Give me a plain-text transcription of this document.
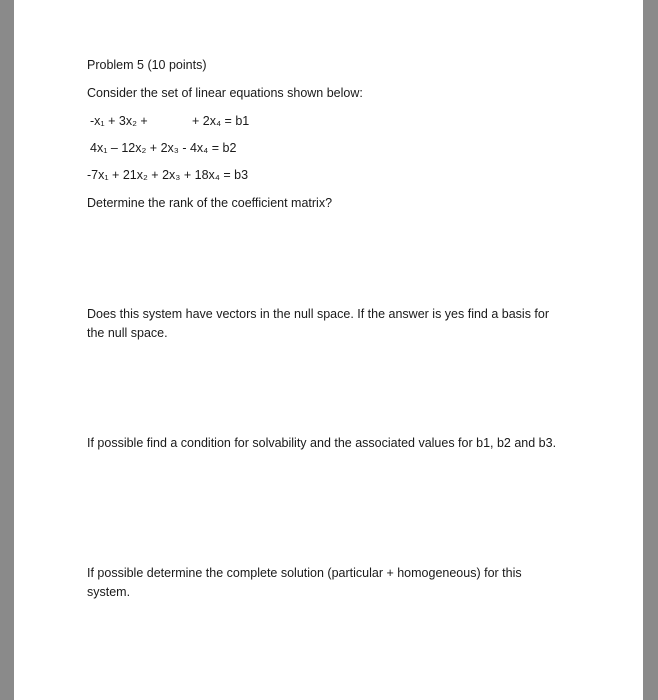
Problem 5 (10 points)
Consider the set of linear equations shown below:
-x₁ + 3x₂ +	+ 2x₄ = b1
4x₁ – 12x₂ + 2x₃ - 4x₄ = b2
-7x₁ + 21x₂ + 2x₃ + 18x₄ = b3
Determine the rank of the coefficient matrix?
Does this system have vectors in the null space. If the answer is yes find a basis for the null space.
If possible find a condition for solvability and the associated values for b1, b2 and b3.
If possible determine the complete solution (particular + homogeneous) for this system.
